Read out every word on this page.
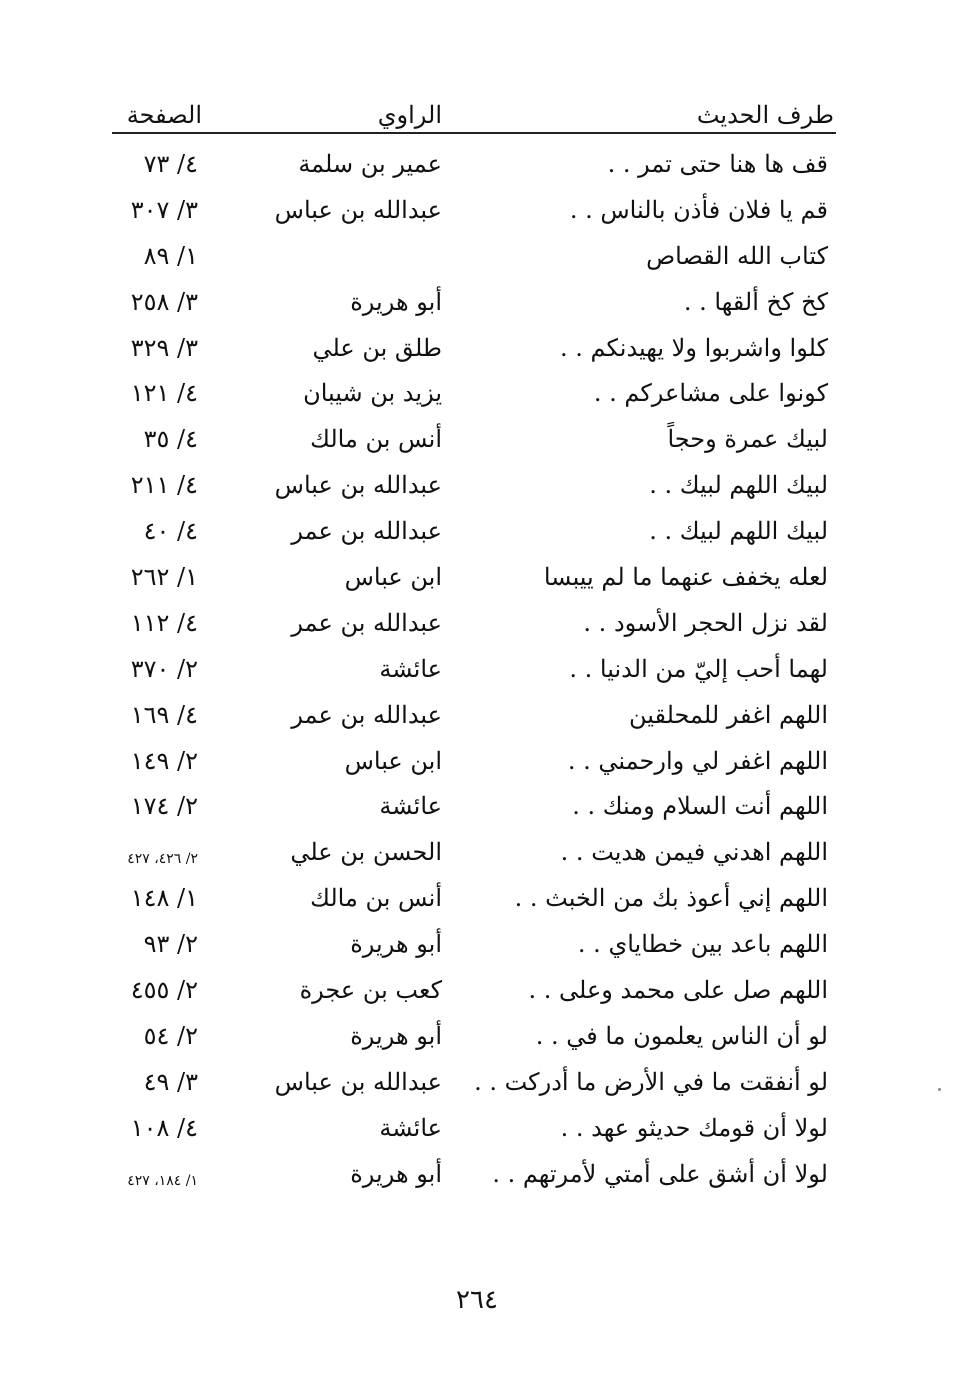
طرف الحديث
الراوي
الصفحة
قف ها هنا حتى تمر . .
عمير بن سلمة
٤/ ٧٣
قم يا فلان فأذن بالناس . .
عبدالله بن عباس
٣/ ٣٠٧
كتاب الله القصاص
١/ ٨٩
كخ كخ ألقها . .
أبو هريرة
٣/ ٢٥٨
كلوا واشربوا ولا يهيدنكم . .
طلق بن علي
٣/ ٣٢٩
كونوا على مشاعركم . .
يزيد بن شيبان
٤/ ١٢١
لبيك عمرة وحجاً
أنس بن مالك
٤/ ٣٥
لبيك اللهم لبيك . .
عبدالله بن عباس
٤/ ٢١١
لبيك اللهم لبيك . .
عبدالله بن عمر
٤/ ٤٠
لعله يخفف عنهما ما لم ييبسا
ابن عباس
١/ ٢٦٢
لقد نزل الحجر الأسود . .
عبدالله بن عمر
٤/ ١١٢
لهما أحب إليّ من الدنيا . .
عائشة
٢/ ٣٧٠
اللهم اغفر للمحلقين
عبدالله بن عمر
٤/ ١٦٩
اللهم اغفر لي وارحمني . .
ابن عباس
٢/ ١٤٩
اللهم أنت السلام ومنك . .
عائشة
٢/ ١٧٤
اللهم اهدني فيمن هديت . .
الحسن بن علي
٢/ ٤٢٦، ٤٢٧
اللهم إني أعوذ بك من الخبث . .
أنس بن مالك
١/ ١٤٨
اللهم باعد بين خطاياي . .
أبو هريرة
٢/ ٩٣
اللهم صل على محمد وعلى . .
كعب بن عجرة
٢/ ٤٥٥
لو أن الناس يعلمون ما في . .
أبو هريرة
٢/ ٥٤
لو أنفقت ما في الأرض ما أدركت . .
عبدالله بن عباس
٣/ ٤٩
لولا أن قومك حديثو عهد . .
عائشة
٤/ ١٠٨
لولا أن أشق على أمتي لأمرتهم . .
أبو هريرة
١/ ١٨٤، ٤٢٧
٢٦٤
